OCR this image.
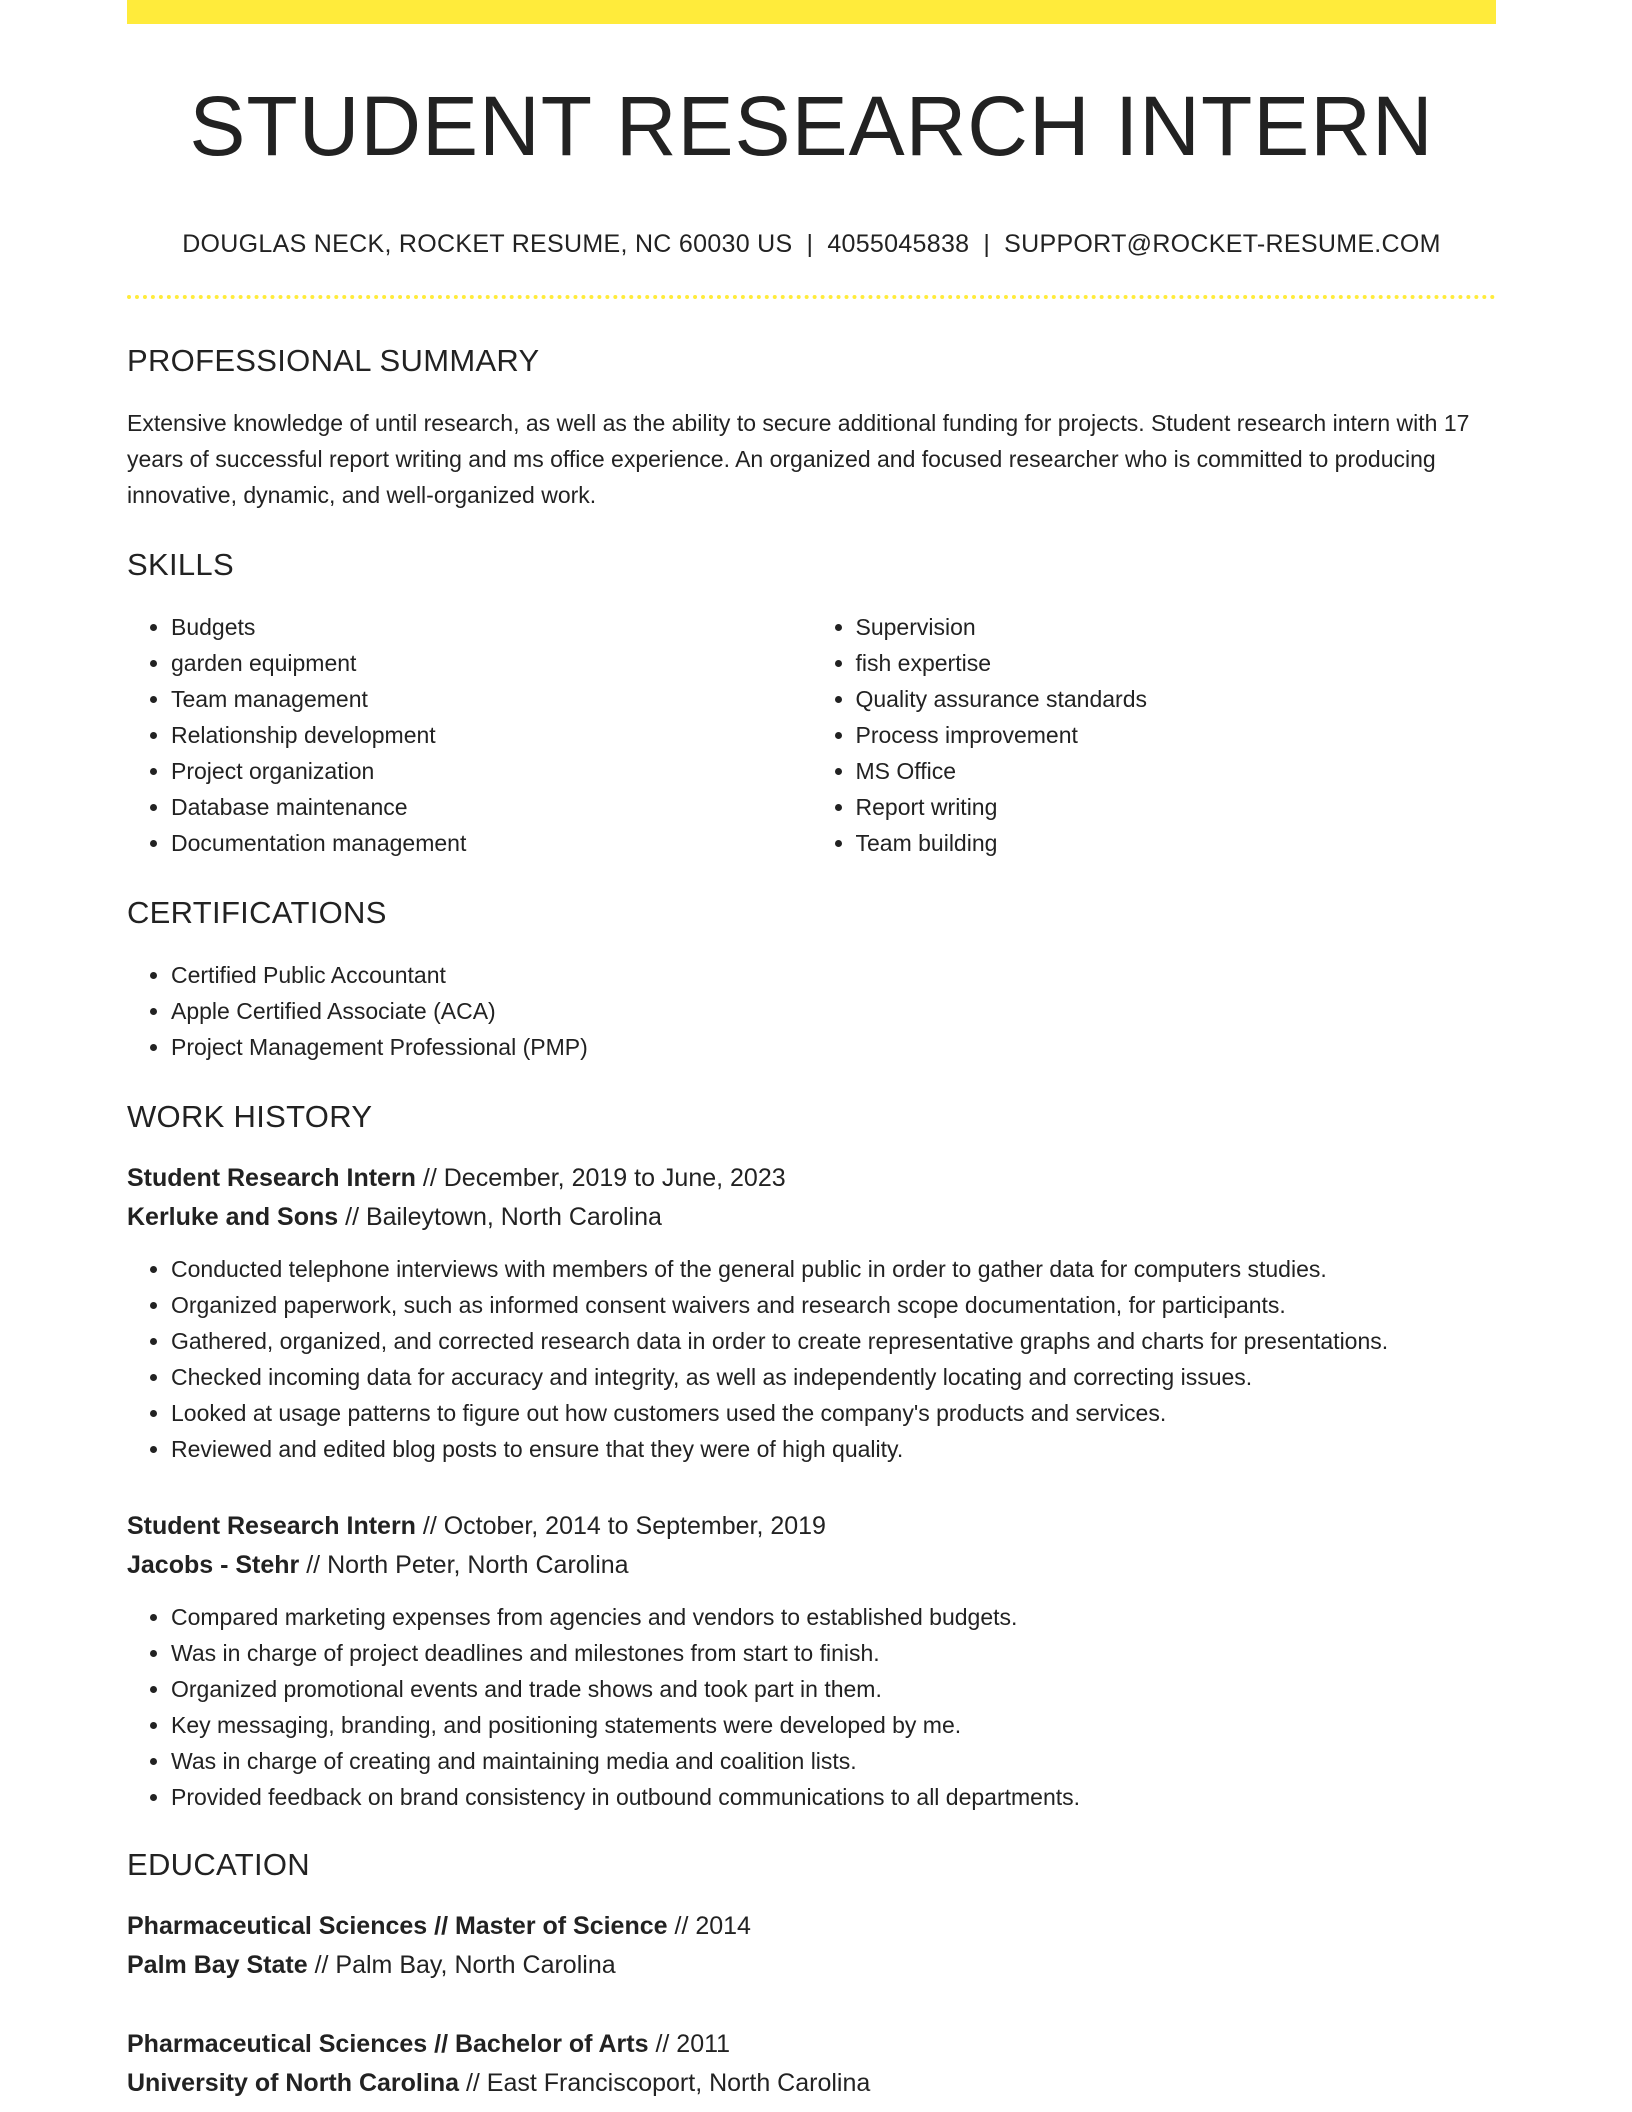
STUDENT RESEARCH INTERN
DOUGLAS NECK, ROCKET RESUME, NC 60030 US | 4055045838 | SUPPORT@ROCKET-RESUME.COM
PROFESSIONAL SUMMARY

Extensive knowledge of until research, as well as the ability to secure additional funding for projects. Student research intern with 17 years of successful report writing and ms office experience. An organized and focused researcher who is committed to producing innovative, dynamic, and well-organized work.

SKILLS
• Budgets
• garden equipment
• Team management
• Relationship development
• Project organization
• Database maintenance
• Documentation management
• Supervision
• fish expertise
• Quality assurance standards
• Process improvement
• MS Office
• Report writing
• Team building
CERTIFICATIONS
• Certified Public Accountant
• Apple Certified Associate (ACA)
• Project Management Professional (PMP)
WORK HISTORY
Student Research Intern // December, 2019 to June, 2023
Kerluke and Sons // Baileytown, North Carolina
• Conducted telephone interviews with members of the general public in order to gather data for computers studies.
• Organized paperwork, such as informed consent waivers and research scope documentation, for participants.
• Gathered, organized, and corrected research data in order to create representative graphs and charts for presentations.
• Checked incoming data for accuracy and integrity, as well as independently locating and correcting issues.
• Looked at usage patterns to figure out how customers used the company's products and services.
• Reviewed and edited blog posts to ensure that they were of high quality.
Student Research Intern // October, 2014 to September, 2019
Jacobs - Stehr // North Peter, North Carolina
• Compared marketing expenses from agencies and vendors to established budgets.
• Was in charge of project deadlines and milestones from start to finish.
• Organized promotional events and trade shows and took part in them.
• Key messaging, branding, and positioning statements were developed by me.
• Was in charge of creating and maintaining media and coalition lists.
• Provided feedback on brand consistency in outbound communications to all departments.
EDUCATION
Pharmaceutical Sciences // Master of Science // 2014
Palm Bay State // Palm Bay, North Carolina
Pharmaceutical Sciences // Bachelor of Arts // 2011
University of North Carolina // East Franciscoport, North Carolina
